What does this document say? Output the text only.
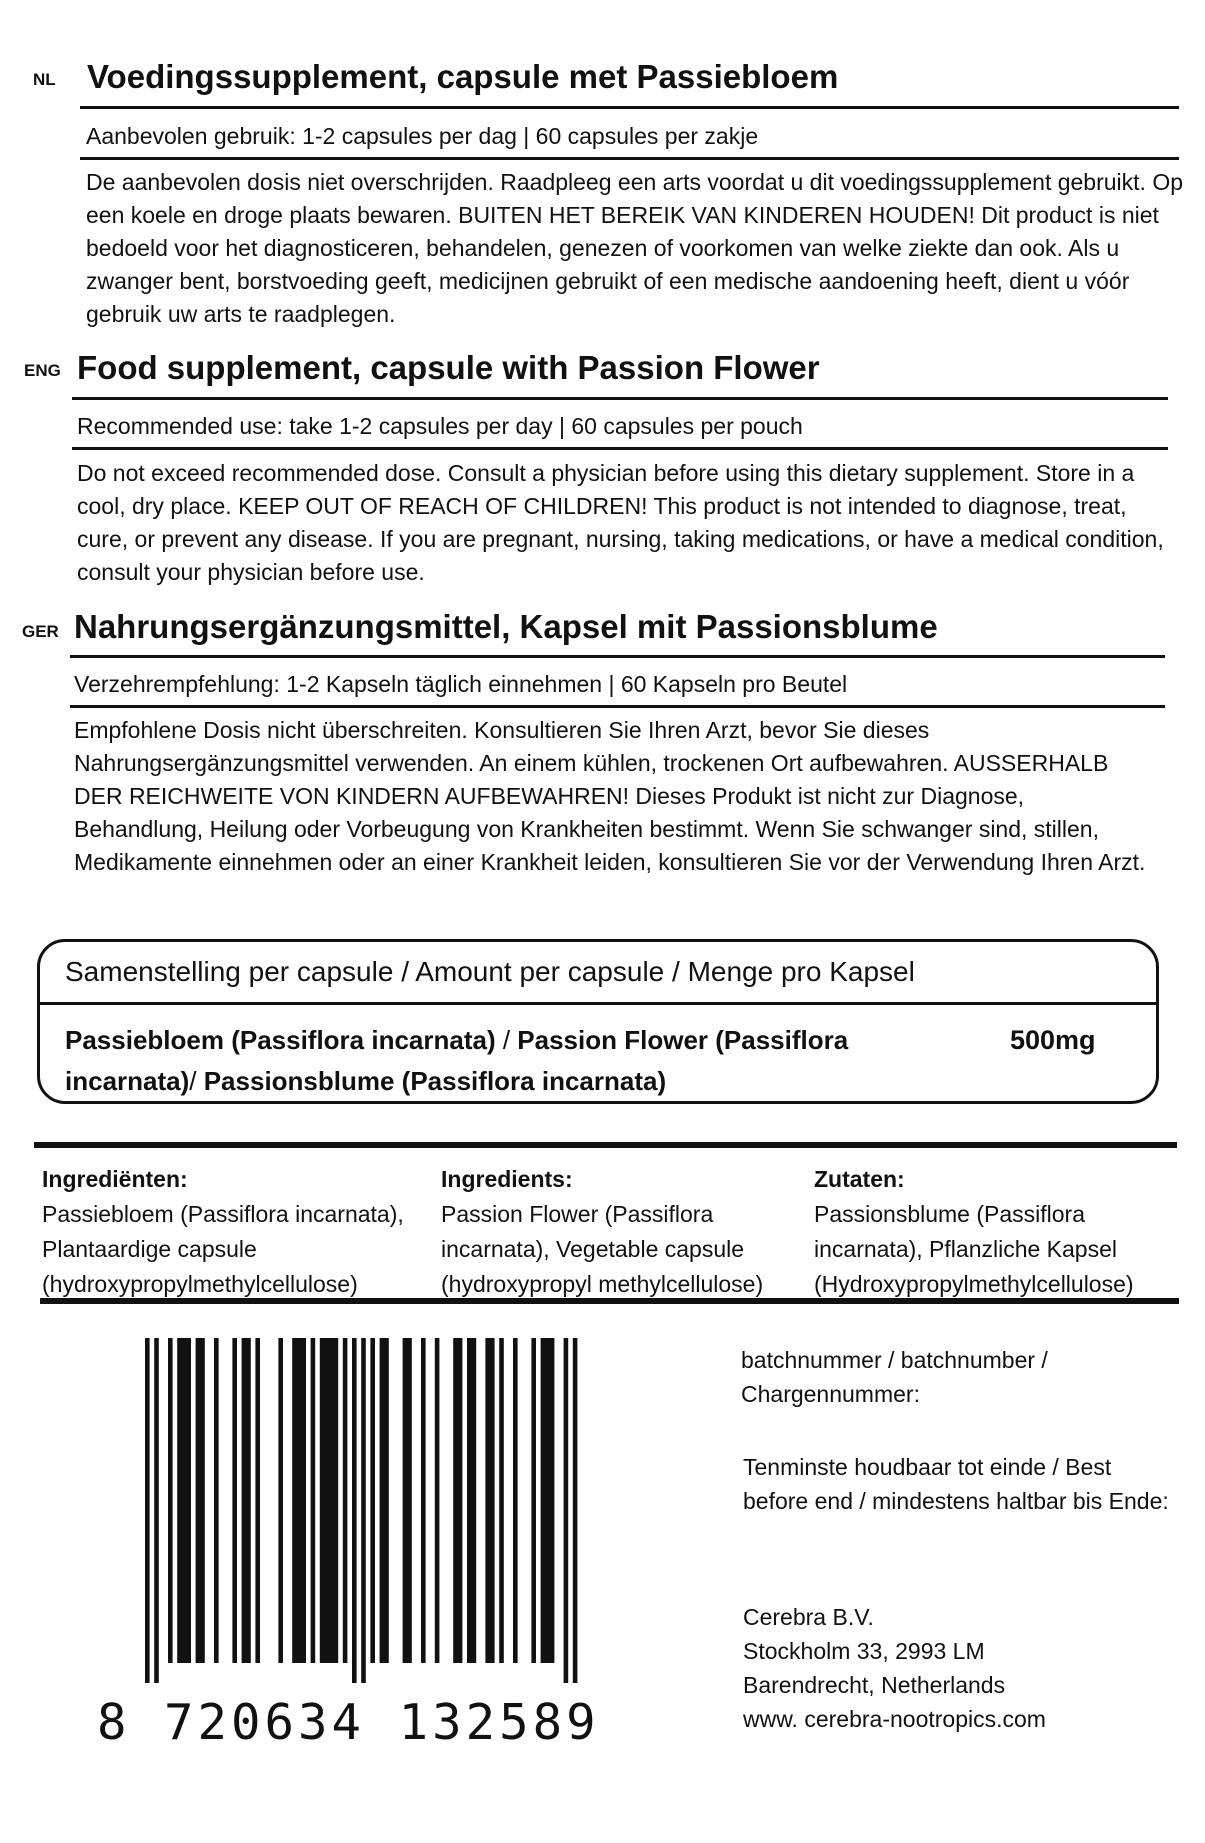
NL Voedingssupplement, capsule met Passiebloem
Aanbevolen gebruik: 1-2 capsules per dag | 60 capsules per zakje
De aanbevolen dosis niet overschrijden. Raadpleeg een arts voordat u dit voedingssupplement gebruikt. Op een koele en droge plaats bewaren. BUITEN HET BEREIK VAN KINDEREN HOUDEN! Dit product is niet bedoeld voor het diagnosticeren, behandelen, genezen of voorkomen van welke ziekte dan ook. Als u zwanger bent, borstvoeding geeft, medicijnen gebruikt of een medische aandoening heeft, dient u vóór gebruik uw arts te raadplegen.
ENG Food supplement, capsule with Passion Flower
Recommended use: take 1-2 capsules per day | 60 capsules per pouch
Do not exceed recommended dose. Consult a physician before using this dietary supplement. Store in a cool, dry place. KEEP OUT OF REACH OF CHILDREN! This product is not intended to diagnose, treat, cure, or prevent any disease. If you are pregnant, nursing, taking medications, or have a medical condition, consult your physician before use.
GER Nahrungsergänzungsmittel, Kapsel mit Passionsblume
Verzehrempfehlung: 1-2 Kapseln täglich einnehmen | 60 Kapseln pro Beutel
Empfohlene Dosis nicht überschreiten. Konsultieren Sie Ihren Arzt, bevor Sie dieses Nahrungsergänzungsmittel verwenden. An einem kühlen, trockenen Ort aufbewahren. AUSSERHALB DER REICHWEITE VON KINDERN AUFBEWAHREN! Dieses Produkt ist nicht zur Diagnose, Behandlung, Heilung oder Vorbeugung von Krankheiten bestimmt. Wenn Sie schwanger sind, stillen, Medikamente einnehmen oder an einer Krankheit leiden, konsultieren Sie vor der Verwendung Ihren Arzt.
Samenstelling per capsule / Amount per capsule / Menge pro Kapsel
Passiebloem (Passiflora incarnata) / Passion Flower (Passiflora incarnata)/ Passionsblume (Passiflora incarnata)
500mg
Ingrediënten:
Passiebloem (Passiflora incarnata), Plantaardige capsule (hydroxypropylmethylcellulose)
Ingredients:
Passion Flower (Passiflora incarnata), Vegetable capsule (hydroxypropyl methylcellulose)
Zutaten:
Passionsblume (Passiflora incarnata), Pflanzliche Kapsel (Hydroxypropylmethylcellulose)
8 720634 132589
batchnummer / batchnumber / Chargennummer:
Tenminste houdbaar tot einde / Best before end / mindestens haltbar bis Ende:
Cerebra B.V.
Stockholm 33, 2993 LM
Barendrecht, Netherlands
www. cerebra-nootropics.com
